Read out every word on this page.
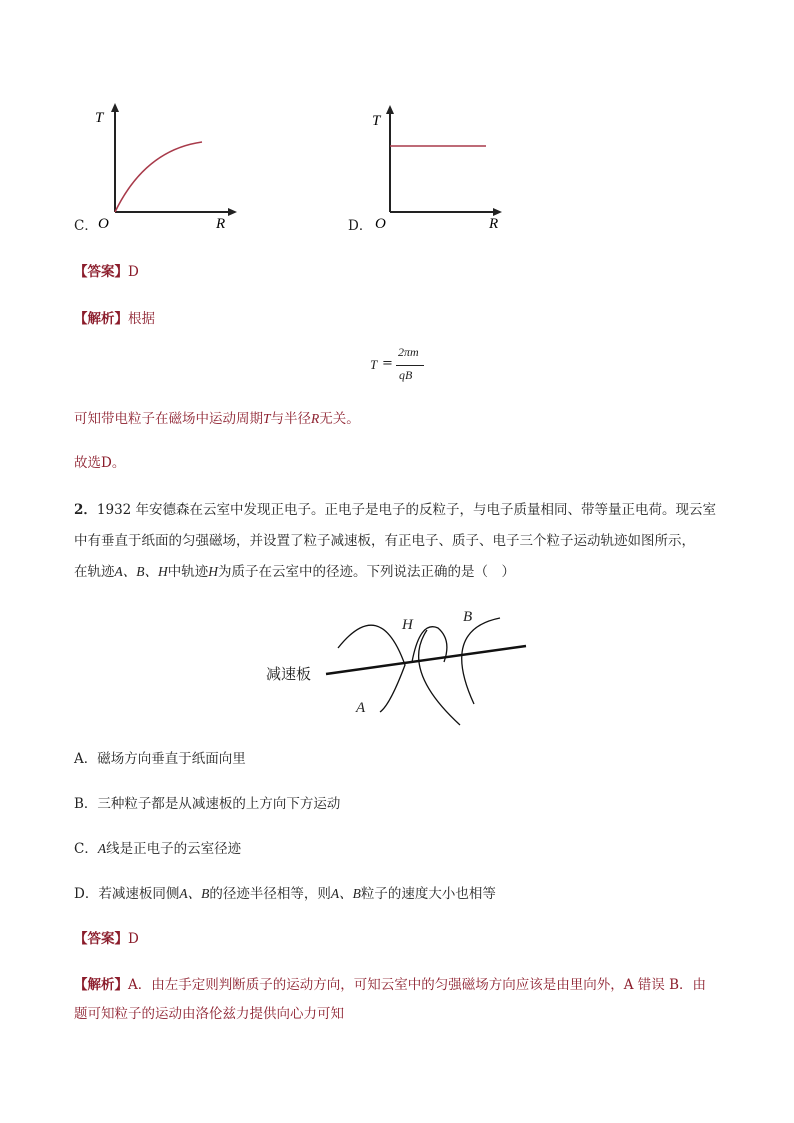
T
O	R
C．
T
O	R
D．
【答案】D
【解析】根据
T =
2πm
qB
可知带电粒子在磁场中运动周期T与半径R无关。
故选D。
2．1932 年安德森在云室中发现正电子。正电子是电子的反粒子，与电子质量相同、带等量正电荷。现云室
中有垂直于纸面的匀强磁场，并设置了粒子减速板，有正电子、质子、电子三个粒子运动轨迹如图所示，
在轨迹A、B、H中轨迹H为质子在云室中的径迹。下列说法正确的是（　）
减速板
A
H	B
A．磁场方向垂直于纸面向里
B．三种粒子都是从减速板的上方向下方运动
C．A线是正电子的云室径迹
D．若减速板同侧A、B的径迹半径相等，则A、B粒子的速度大小也相等
【答案】D
【解析】A．由左手定则判断质子的运动方向，可知云室中的匀强磁场方向应该是由里向外，A 错误 B．由
题可知粒子的运动由洛伦兹力提供向心力可知
